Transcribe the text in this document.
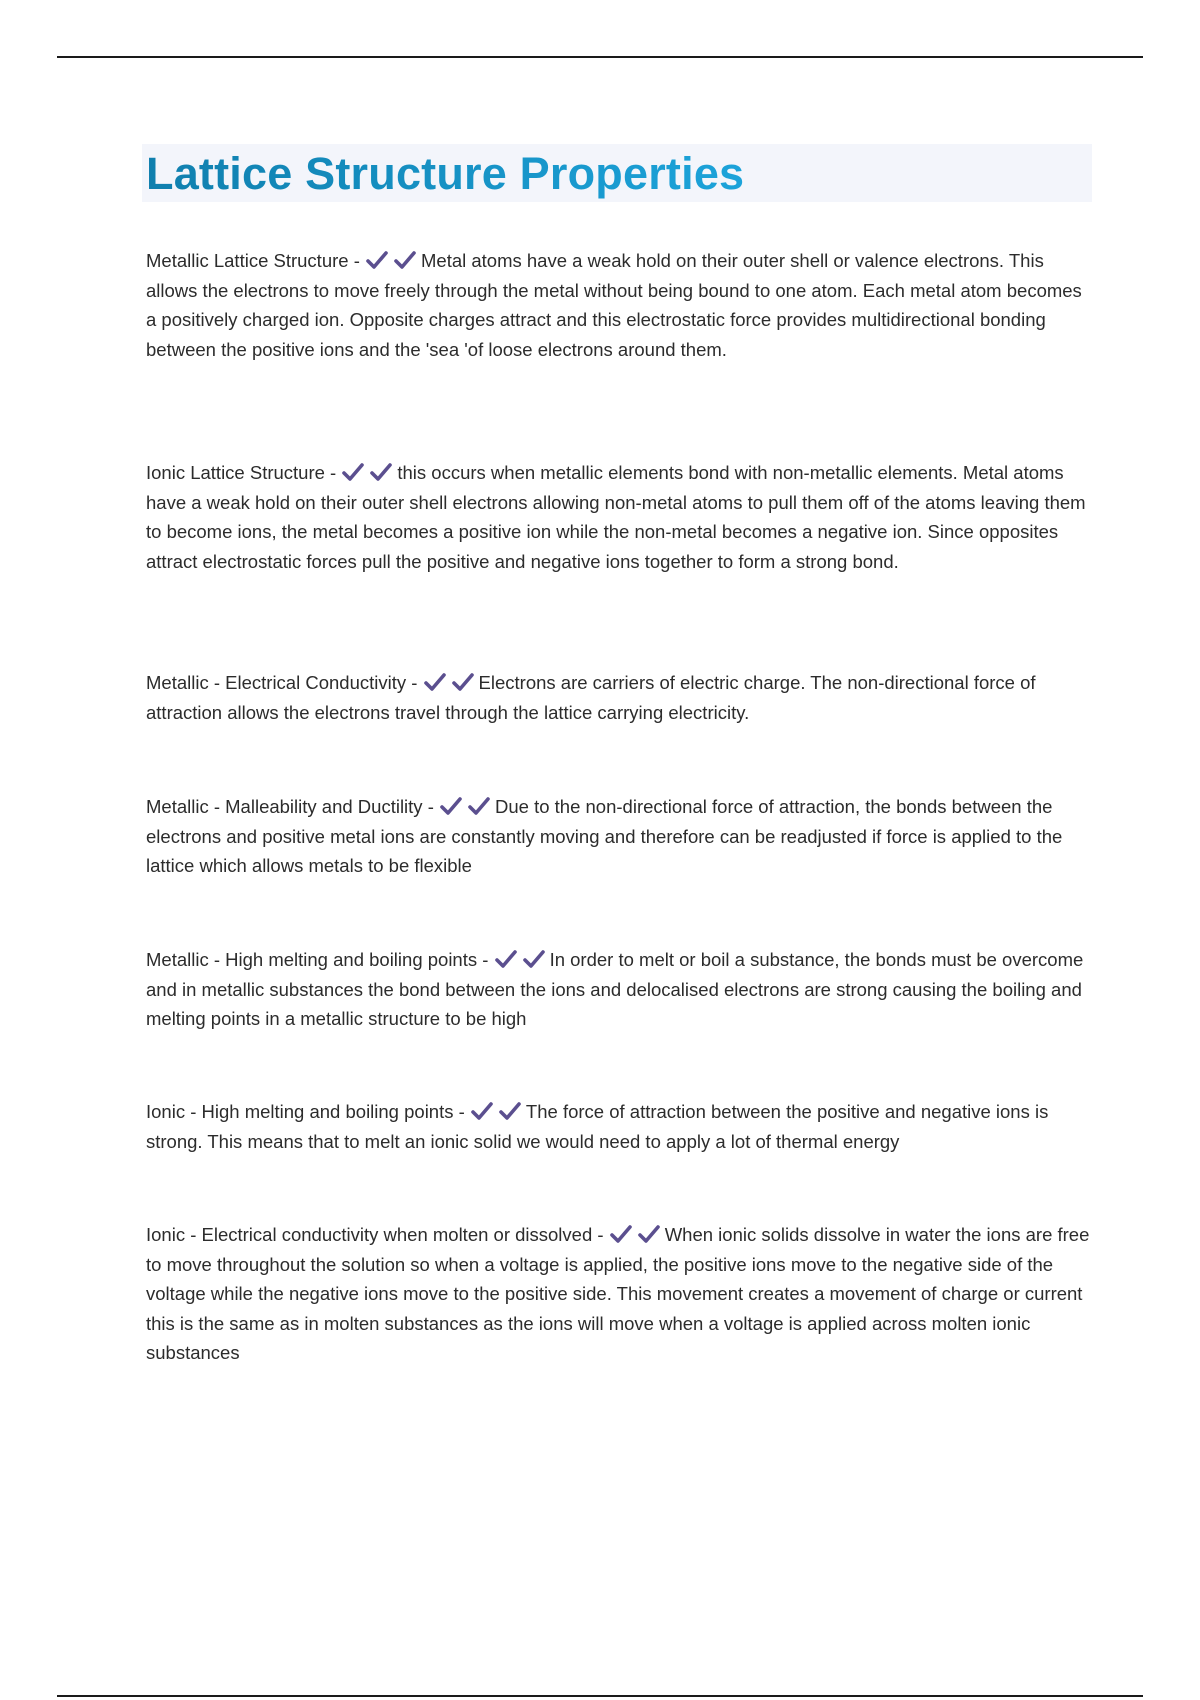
Lattice Structure Properties

Metallic Lattice Structure -	Metal atoms have a weak hold on their outer shell or valence electrons. This allows the electrons to move freely through the metal without being bound to one atom. Each metal atom becomes a positively charged ion. Opposite charges attract and this electrostatic force provides multidirectional bonding between the positive ions and the 'sea 'of loose electrons around them.

Ionic Lattice Structure -	this occurs when metallic elements bond with non-metallic elements. Metal atoms have a weak hold on their outer shell electrons allowing non-metal atoms to pull them off of the atoms leaving them to become ions, the metal becomes a positive ion while the non-metal becomes a negative ion. Since opposites attract electrostatic forces pull the positive and negative ions together to form a strong bond.

Metallic - Electrical Conductivity -	Electrons are carriers of electric charge. The non-directional force of attraction allows the electrons travel through the lattice carrying electricity.

Metallic - Malleability and Ductility -	Due to the non-directional force of attraction, the bonds between the electrons and positive metal ions are constantly moving and therefore can be readjusted if force is applied to the lattice which allows metals to be flexible

Metallic - High melting and boiling points -	In order to melt or boil a substance, the bonds must be overcome and in metallic substances the bond between the ions and delocalised electrons are strong causing the boiling and melting points in a metallic structure to be high

Ionic - High melting and boiling points -	The force of attraction between the positive and negative ions is strong. This means that to melt an ionic solid we would need to apply a lot of thermal energy

Ionic - Electrical conductivity when molten or dissolved -	When ionic solids dissolve in water the ions are free to move throughout the solution so when a voltage is applied, the positive ions move to the negative side of the voltage while the negative ions move to the positive side. This movement creates a movement of charge or current this is the same as in molten substances as the ions will move when a voltage is applied across molten ionic substances
